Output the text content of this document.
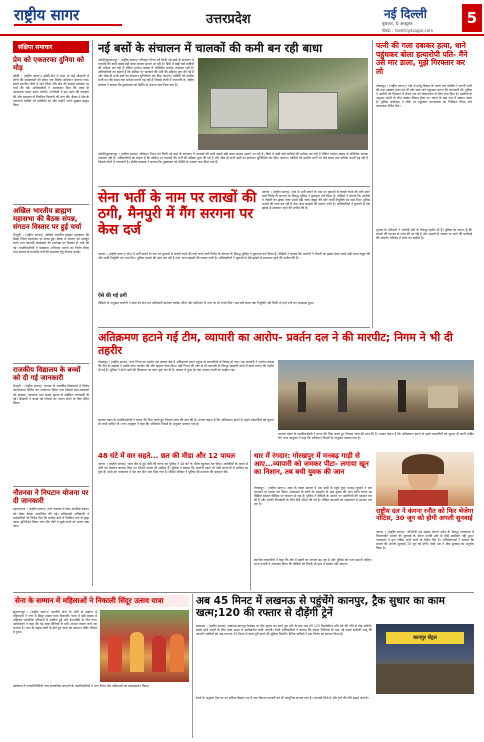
राष्ट्रीय सागर	उत्तरप्रदेश	नई दिल्ली
बुधवार, 6 अक्टूबर
Web : rashtriyasagar.com
5
संक्षिप्त समाचार
प्रेम को एकतरफा दुनिया को मोड़
झाँसी । (राष्ट्रीय सागर)। झाँसी-क्षेत्र में शहर के कई मोहल्लों में लोगों की समस्याओं को लेकर एक विशेष अभियान चलाया गया। इसमें स्थानीय लोगों ने भाग लिया और क्षेत्र की सफाई व्यवस्था पर चर्चा की गई। अधिकारियों ने आश्वासन दिया कि जल्द ही आवश्यक कदम उठाए जाएंगे। नागरिकों ने इस पहल की सराहना की और प्रशासन से नियमित निगरानी की मांग की। बैठक में क्षेत्र के गणमान्य व्यक्ति भी उपस्थित रहे और उन्होंने अपने सुझाव प्रस्तुत किए।
अखिल भारतीय ब्राह्मण महासभा की बैठक संपन्न, संगठन विस्तार पर हुई चर्चा
मैनपुरी । (राष्ट्रीय सागर)। अखिल भारतीय ब्राह्मण महासभा की बैठक जिला कार्यालय पर संपन्न हुई। बैठक में संगठन को मजबूत करने तथा आगामी कार्यक्रमों की रूपरेखा पर विस्तार से चर्चा की गई। पदाधिकारियों ने सदस्यता अभियान चलाने का निर्णय लिया तथा समाज के कमजोर वर्गों की सहायता हेतु योजना बनाई।
राजकीय विद्यालय के बच्चों को दी गई जानकारी
मैनपुरी । (राष्ट्रीय सागर)। जनपद के राजकीय विद्यालयों में विशेष जागरूकता शिविर का आयोजन किया गया जिसमें छात्र-छात्राओं को स्वास्थ्य, स्वच्छता तथा सड़क सुरक्षा से संबंधित जानकारी दी गई। शिक्षकों ने बच्चों को नियमों का पालन करने के लिए प्रेरित किया।
नौतनवा ने निपटान योजना पर दी जानकारी
महराजगंज । (राष्ट्रीय सागर)। नगर पंचायत में ठोस अपशिष्ट प्रबंधन को लेकर बैठक आयोजित की गई। अधिशासी अधिकारी ने कर्मचारियों को निर्देश दिए कि प्रत्येक वार्ड में नियमित रूप से कूड़ा उठान सुनिश्चित किया जाए और गीले व सूखे कचरे को अलग रखा जाए।
नई बसों के संचालन में चालकों की कमी बन रही बाधा
अमेठी/सुल्तानपुर । (राष्ट्रीय सागर)। परिवहन निगम को मिली नई बसों के संचालन में चालकों की कमी सबसे बड़ी बाधा बनकर सामने आ रही है। डिपो में खड़ी बसें यात्रियों की प्रतीक्षा कर रही हैं लेकिन पर्याप्त संख्या में प्रशिक्षित चालक उपलब्ध नहीं हैं। अधिकारियों का कहना है कि संविदा पर चालकों की भर्ती की प्रक्रिया शुरू की गई है और शीघ्र ही सभी बसों का संचालन सुनिश्चित कर दिया जाएगा। यात्रियों को ग्रामीण मार्गों पर लंबे समय तक प्रतीक्षा करनी पड़ रही है जिससे लोगों में नाराजगी है। क्षेत्रीय प्रबंधक ने बताया कि मुख्यालय को स्थिति से अवगत करा दिया गया है।
अमेठी/सुल्तानपुर । (राष्ट्रीय सागर)। परिवहन निगम को मिली नई बसों के संचालन में चालकों की कमी सबसे बड़ी बाधा बनकर सामने आ रही है। डिपो में खड़ी बसें यात्रियों की प्रतीक्षा कर रही हैं लेकिन पर्याप्त संख्या में प्रशिक्षित चालक उपलब्ध नहीं हैं। अधिकारियों का कहना है कि संविदा पर चालकों की भर्ती की प्रक्रिया शुरू की गई है और शीघ्र ही सभी बसों का संचालन सुनिश्चित कर दिया जाएगा। यात्रियों को ग्रामीण मार्गों पर लंबे समय तक प्रतीक्षा करनी पड़ रही है जिससे लोगों में नाराजगी है। क्षेत्रीय प्रबंधक ने बताया कि मुख्यालय को स्थिति से अवगत करा दिया गया है।
सेना भर्ती के नाम पर लाखों की ठगी, मैनपुरी में गैंग सरगना पर केस दर्ज
आगरा । (राष्ट्रीय सागर)। सेना में भर्ती कराने के नाम पर युवाओं से लाखों रुपये की ठगी करने वाले गिरोह के सरगना के विरुद्ध पुलिस ने मुकदमा दर्ज किया है। पीड़ितों ने बताया कि आरोपी ने नौकरी का झांसा देकर उनसे बड़ी रकम वसूल की और फर्जी नियुक्ति पत्र थमा दिए। पुलिस मामले की जांच कर रही है तथा अन्य सदस्यों की तलाश जारी है। अधिकारियों ने युवाओं से ऐसे झांसों से सावधान रहने की अपील की है।
आगरा । (राष्ट्रीय सागर)। सेना में भर्ती कराने के नाम पर युवाओं से लाखों रुपये की ठगी करने वाले गिरोह के सरगना के विरुद्ध पुलिस ने मुकदमा दर्ज किया है। पीड़ितों ने बताया कि आरोपी ने नौकरी का झांसा देकर उनसे बड़ी रकम वसूल की और फर्जी नियुक्ति पत्र थमा दिए। पुलिस मामले की जांच कर रही है तथा अन्य सदस्यों की तलाश जारी है। अधिकारियों ने युवाओं से ऐसे झांसों से सावधान रहने की अपील की है।
ऐसे की गई ठगी
पीड़ितों के अनुसार आरोपी ने स्वयं को सेना का अधिकारी बताकर भरोसा जीता और प्रशिक्षण के नाम पर भी रुपये लिए। जब लंबे समय तक नियुक्ति नहीं मिली तो उन्हें ठगी का अहसास हुआ।
पत्नी की गला दबाकर हत्या, धाने पहुंचकर बोला हत्यारोपी पति- मैंने उसे मार डाला, मुझे गिरफ्तार कर लो
गोरखपुर । (राष्ट्रीय सागर)। गांव में घरेलू विवाद के चलते एक व्यक्ति ने अपनी पत्नी की गला दबाकर हत्या कर दी और स्वयं थाने पहुंचकर घटना की जानकारी दी। पुलिस ने आरोपी को हिरासत में लेकर शव को पोस्टमार्टम के लिए भेज दिया है। ग्रामीणों के अनुसार दंपती के बीच अक्सर विवाद होता था। घटना के बाद गांव में सन्नाटा पसरा है। पुलिस अधीक्षक ने मौके पर पहुंचकर घटनास्थल का निरीक्षण किया और आवश्यक निर्देश दिए।
मृतका के परिजनों ने आरोपी पति के विरुद्ध तहरीर दी है। पुलिस का कहना है कि मामले की गहनता से जांच की जा रही है और साक्ष्यों के आधार पर आगे की कार्रवाई की जाएगी। परिवार में शोक का माहौल है।
अतिक्रमण हटाने गई टीम, व्यापारी का आरोप- प्रवर्तन दल ने की मारपीट; निगम ने भी दी तहरीर
गोरखपुर । (राष्ट्रीय सागर)। नगर निगम का प्रवर्तन दल बाजार क्षेत्र में अतिक्रमण हटाने पहुंचा तो व्यापारियों से विवाद हो गया। एक व्यापारी ने आरोप लगाया कि टीम के सदस्यों ने उसके साथ मारपीट की और सामान फेंक दिया। वहीं निगम की ओर से भी व्यापारी के विरुद्ध सरकारी कार्य में बाधा डालने की तहरीर दी गई है। पुलिस ने दोनों पक्षों की शिकायत पर जांच शुरू कर दी है। बाजार में कुछ देर तक अफरा-तफरी का माहौल रहा।
व्यापार मंडल के पदाधिकारियों ने घटना की निंदा करते हुए निष्पक्ष जांच की मांग की है। उनका कहना है कि अतिक्रमण हटाने से पहले व्यापारियों को सूचना दी जानी चाहिए थी। नगर आयुक्त ने कहा कि अभियान नियमों के अनुसार चलाया गया है।
व्यापार मंडल के पदाधिकारियों ने घटना की निंदा करते हुए निष्पक्ष जांच की मांग की है। उनका कहना है कि अतिक्रमण हटाने से पहले व्यापारियों को सूचना दी जानी चाहिए थी। नगर आयुक्त ने कहा कि अभियान नियमों के अनुसार चलाया गया है।
48 घंटे में वार सहते... छत की मीडा और 12 पायल
आगरा । (राष्ट्रीय सागर)। थाना क्षेत्र में हुई चोरी की घटना का पुलिस ने 48 घंटे के भीतर खुलासा कर दिया। आरोपियों के कब्जे से चोरी गए जेवरात बरामद किए गए जिनमें पायल भी शामिल हैं। पुलिस ने बताया कि आरोपी पहले भी ऐसी घटनाओं में शामिल रह चुके हैं। सभी को न्यायालय में पेश कर जेल भेज दिया गया है। पीड़ित परिवार ने पुलिस की तत्परता की सराहना की।
थार में रंगदार: गोरखपुर में मनबढ़ गाड़ी से आए...व्यापारी को जमकर पीटा- लगाया खून का निशान, तब बची युवक की जान
गोरखपुर । (राष्ट्रीय सागर)। शहर के व्यस्त बाजार में थार गाड़ी से पहुंचे कुछ मनबढ़ युवकों ने एक व्यापारी पर हमला कर दिया। आसपास के लोगों के हस्तक्षेप के बाद युवक की जान बची। घटना का वीडियो सोशल मीडिया पर वायरल हो रहा है। पुलिस ने वीडियो के आधार पर आरोपियों की पहचान कर ली है और उनकी गिरफ्तारी के लिए टीमें गठित की गई हैं। पीड़ित व्यापारी का अस्पताल में उपचार चल रहा है।
स्थानीय व्यापारियों ने कहा कि क्षेत्र में दबंगों का आतंक बढ़ रहा है और पुलिस को गश्त बढ़ानी चाहिए। थाना प्रभारी ने आश्वस्त किया कि दोषियों को किसी भी हाल में बख्शा नहीं जाएगा।
राष्ट्रीय दल ने कंगना रनौत को फिर भेजेगा नोटिस, 30 जून को होगी अगली सुनवाई
आगरा । (राष्ट्रीय सागर)। अभिनेत्री एवं सांसद कंगना रनौत के विरुद्ध न्यायालय में विचाराधीन मामले की सुनवाई के दौरान उनकी ओर से कोई उपस्थित नहीं हुआ। न्यायालय ने पुनः नोटिस जारी करने के निर्देश दिए हैं। अधिवक्ताओं ने बताया कि मामले की अगली सुनवाई 30 जून को होगी। वादी पक्ष ने शीघ्र सुनवाई का अनुरोध किया है।
सेना के सम्मान में महिलाओं ने निकाली सिंदूर उत्सव यात्रा
सुलतानपुर । (राष्ट्रीय सागर)। भारतीय सेना के शौर्य के सम्मान में महिलाओं ने नगर में सिंदूर उत्सव यात्रा निकाली। यात्रा में बड़ी संख्या में महिलाएं पारंपरिक परिधानों में शामिल हुईं और देशभक्ति के गीत गाए। आयोजकों ने कहा कि यह यात्रा सैनिकों के प्रति आभार व्यक्त करने का माध्यम है। नगर के प्रमुख मार्गों से होते हुए यात्रा का समापन मंदिर परिसर में हुआ।
कार्यक्रम में जनप्रतिनिधियों तथा सामाजिक संगठनों के पदाधिकारियों ने भाग लिया और महिलाओं का उत्साहवर्धन किया।
अब 45 मिनट में लखनऊ से पहुंचेंगे कानपुर, ट्रैक सुधार का काम खत्म;120 की रफ्तार से दौड़ेंगी ट्रेनें
लखनऊ । (राष्ट्रीय सागर)। लखनऊ-कानपुर रेलखंड पर ट्रैक सुधार का कार्य पूरा होने के बाद अब ट्रेनें 120 किलोमीटर प्रति घंटे की गति से दौड़ सकेंगी। इससे दोनों शहरों के बीच यात्रा समय में उल्लेखनीय कमी आएगी। रेलवे अधिकारियों ने बताया कि संरक्षा निरीक्षण के बाद नई समय सारिणी लागू की जाएगी। यात्रियों को अब लगभग 45 मिनट में यात्रा पूरी करने की सुविधा मिलेगी। दैनिक यात्रियों ने इस निर्णय का स्वागत किया है।
कानपुर सेंट्रल
रेलवे के अनुसार ट्रैक पर नए स्लीपर बिछाए गए हैं तथा सिग्नल प्रणाली को भी आधुनिक बनाया गया है। आगामी दिनों में और ट्रेनों की गति बढ़ाई जाएगी।
